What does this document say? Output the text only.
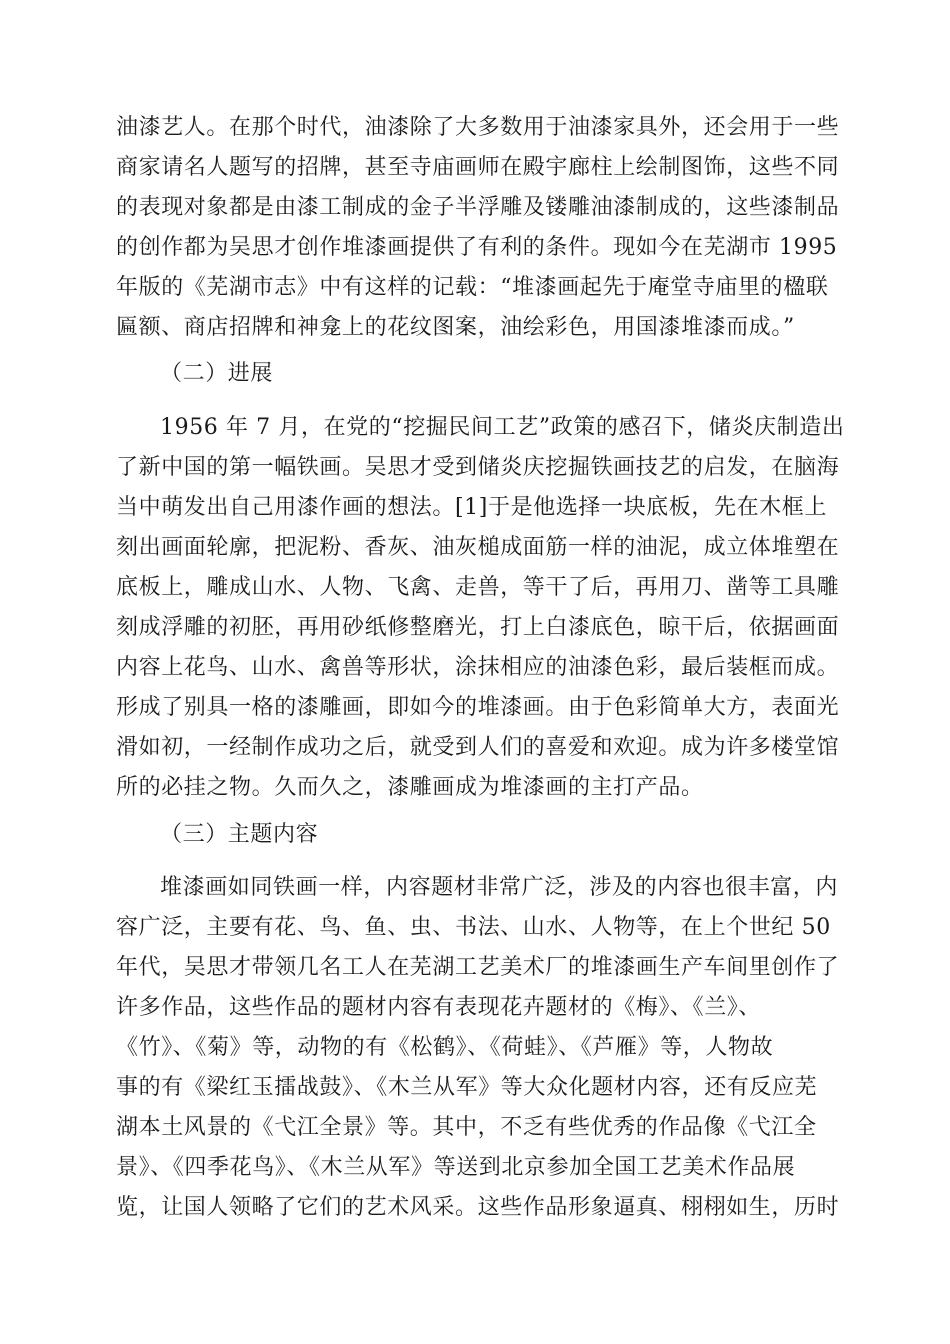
油漆艺人。在那个时代，油漆除了大多数用于油漆家具外，还会用于一些
商家请名人题写的招牌，甚至寺庙画师在殿宇廊柱上绘制图饰，这些不同
的表现对象都是由漆工制成的金子半浮雕及镂雕油漆制成的，这些漆制品
的创作都为吴思才创作堆漆画提供了有利的条件。现如今在芜湖市 1995
年版的《芜湖市志》中有这样的记载：“堆漆画起先于庵堂寺庙里的楹联
匾额、商店招牌和神龛上的花纹图案，油绘彩色，用国漆堆漆而成。”
（二）进展
1956 年 7 月，在党的“挖掘民间工艺”政策的感召下，储炎庆制造出
了新中国的第一幅铁画。吴思才受到储炎庆挖掘铁画技艺的启发，在脑海
当中萌发出自己用漆作画的想法。[1]于是他选择一块底板，先在木框上
刻出画面轮廓，把泥粉、香灰、油灰槌成面筋一样的油泥，成立体堆塑在
底板上，雕成山水、人物、飞禽、走兽，等干了后，再用刀、凿等工具雕
刻成浮雕的初胚，再用砂纸修整磨光，打上白漆底色，晾干后，依据画面
内容上花鸟、山水、禽兽等形状，涂抹相应的油漆色彩，最后装框而成。
形成了别具一格的漆雕画，即如今的堆漆画。由于色彩简单大方，表面光
滑如初，一经制作成功之后，就受到人们的喜爱和欢迎。成为许多楼堂馆
所的必挂之物。久而久之，漆雕画成为堆漆画的主打产品。
（三）主题内容
堆漆画如同铁画一样，内容题材非常广泛，涉及的内容也很丰富，内
容广泛，主要有花、鸟、鱼、虫、书法、山水、人物等，在上个世纪 50
年代，吴思才带领几名工人在芜湖工艺美术厂的堆漆画生产车间里创作了
许多作品，这些作品的题材内容有表现花卉题材的《梅》、《兰》、
《竹》、《菊》等，动物的有《松鹤》、《荷蛙》、《芦雁》等，人物故
事的有《梁红玉擂战鼓》、《木兰从军》等大众化题材内容，还有反应芜
湖本土风景的《弋江全景》等。其中，不乏有些优秀的作品像《弋江全
景》、《四季花鸟》、《木兰从军》等送到北京参加全国工艺美术作品展
览，让国人领略了它们的艺术风采。这些作品形象逼真、栩栩如生，历时
